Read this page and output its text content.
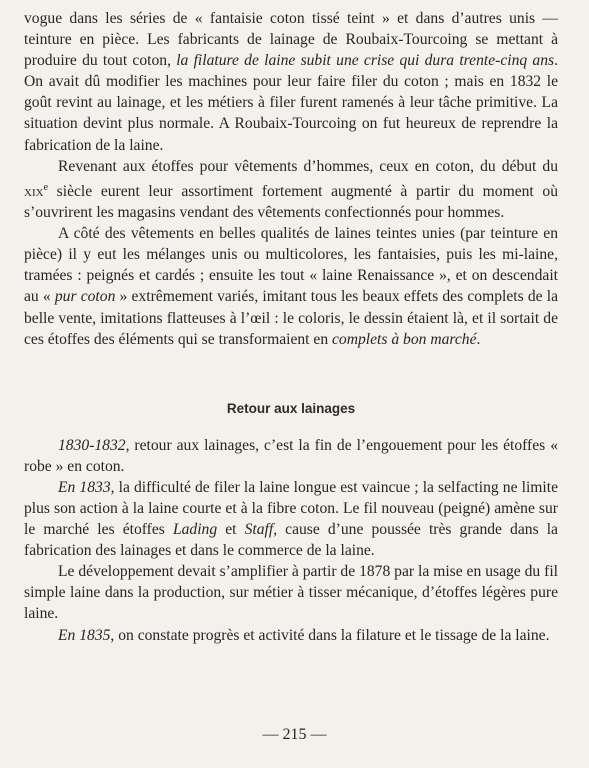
vogue dans les séries de « fantaisie coton tissé teint » et dans d’autres unis — teinture en pièce. Les fabricants de lainage de Roubaix-Tourcoing se mettant à produire du tout coton, la filature de laine subit une crise qui dura trente-cinq ans. On avait dû modifier les machines pour leur faire filer du coton ; mais en 1832 le goût revint au lainage, et les métiers à filer furent ramenés à leur tâche primitive. La situation devint plus normale. A Roubaix-Tourcoing on fut heureux de reprendre la fabrication de la laine.

Revenant aux étoffes pour vêtements d’hommes, ceux en coton, du début du xix$^e$ siècle eurent leur assortiment fortement augmenté à partir du moment où s’ouvrirent les magasins vendant des vêtements confectionnés pour hommes.

A côté des vêtements en belles qualités de laines teintes unies (par teinture en pièce) il y eut les mélanges unis ou multicolores, les fantaisies, puis les mi-laine, tramées : peignés et cardés ; ensuite les tout « laine Renaissance », et on descendait au « pur coton » extrêmement variés, imitant tous les beaux effets des complets de la belle vente, imitations flatteuses à l’œil : le coloris, le dessin étaient là, et il sortait de ces étoffes des éléments qui se transformaient en complets à bon marché.

Retour aux lainages

1830-1832, retour aux lainages, c’est la fin de l’engouement pour les étoffes « robe » en coton.

En 1833, la difficulté de filer la laine longue est vaincue ; la selfacting ne limite plus son action à la laine courte et à la fibre coton. Le fil nouveau (peigné) amène sur le marché les étoffes Lading et Staff, cause d’une poussée très grande dans la fabrication des lainages et dans le commerce de la laine.

Le développement devait s’amplifier à partir de 1878 par la mise en usage du fil simple laine dans la production, sur métier à tisser mécanique, d’étoffes légères pure laine.

En 1835, on constate progrès et activité dans la filature et le tissage de la laine.

— 215 —
